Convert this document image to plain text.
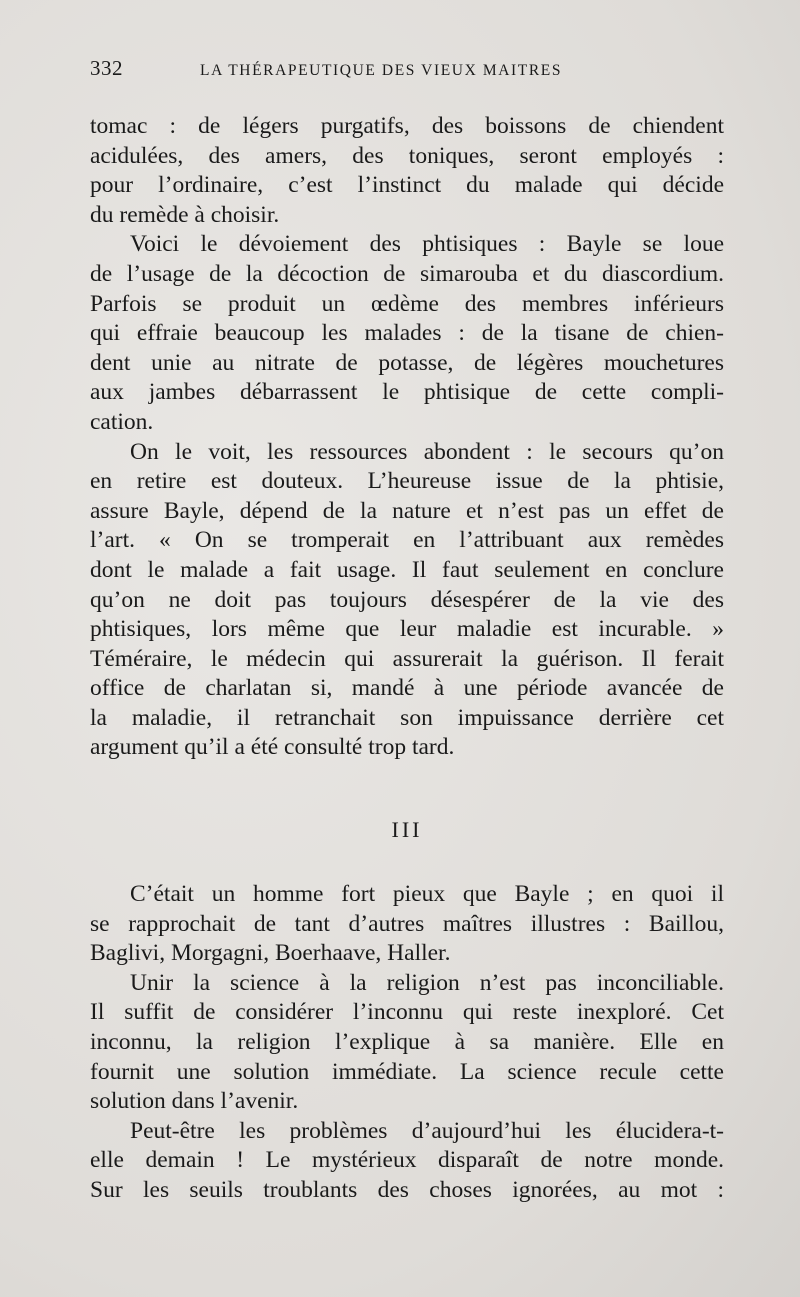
332	LA THÉRAPEUTIQUE DES VIEUX MAITRES

tomac : de légers purgatifs, des boissons de chiendent
acidulées, des amers, des toniques, seront employés :
pour l’ordinaire, c’est l’instinct du malade qui décide
du remède à choisir.

Voici le dévoiement des phtisiques : Bayle se loue
de l’usage de la décoction de simarouba et du diascordium.
Parfois se produit un œdème des membres inférieurs
qui effraie beaucoup les malades : de la tisane de chien-
dent unie au nitrate de potasse, de légères mouchetures
aux jambes débarrassent le phtisique de cette compli-
cation.

On le voit, les ressources abondent : le secours qu’on
en retire est douteux. L’heureuse issue de la phtisie,
assure Bayle, dépend de la nature et n’est pas un effet de
l’art. « On se tromperait en l’attribuant aux remèdes
dont le malade a fait usage. Il faut seulement en conclure
qu’on ne doit pas toujours désespérer de la vie des
phtisiques, lors même que leur maladie est incurable. »
Téméraire, le médecin qui assurerait la guérison. Il ferait
office de charlatan si, mandé à une période avancée de
la maladie, il retranchait son impuissance derrière cet
argument qu’il a été consulté trop tard.

III

C’était un homme fort pieux que Bayle ; en quoi il
se rapprochait de tant d’autres maîtres illustres : Baillou,
Baglivi, Morgagni, Boerhaave, Haller.

Unir la science à la religion n’est pas inconciliable.
Il suffit de considérer l’inconnu qui reste inexploré. Cet
inconnu, la religion l’explique à sa manière. Elle en
fournit une solution immédiate. La science recule cette
solution dans l’avenir.

Peut-être les problèmes d’aujourd’hui les élucidera-t-
elle demain ! Le mystérieux disparaît de notre monde.
Sur les seuils troublants des choses ignorées, au mot :
